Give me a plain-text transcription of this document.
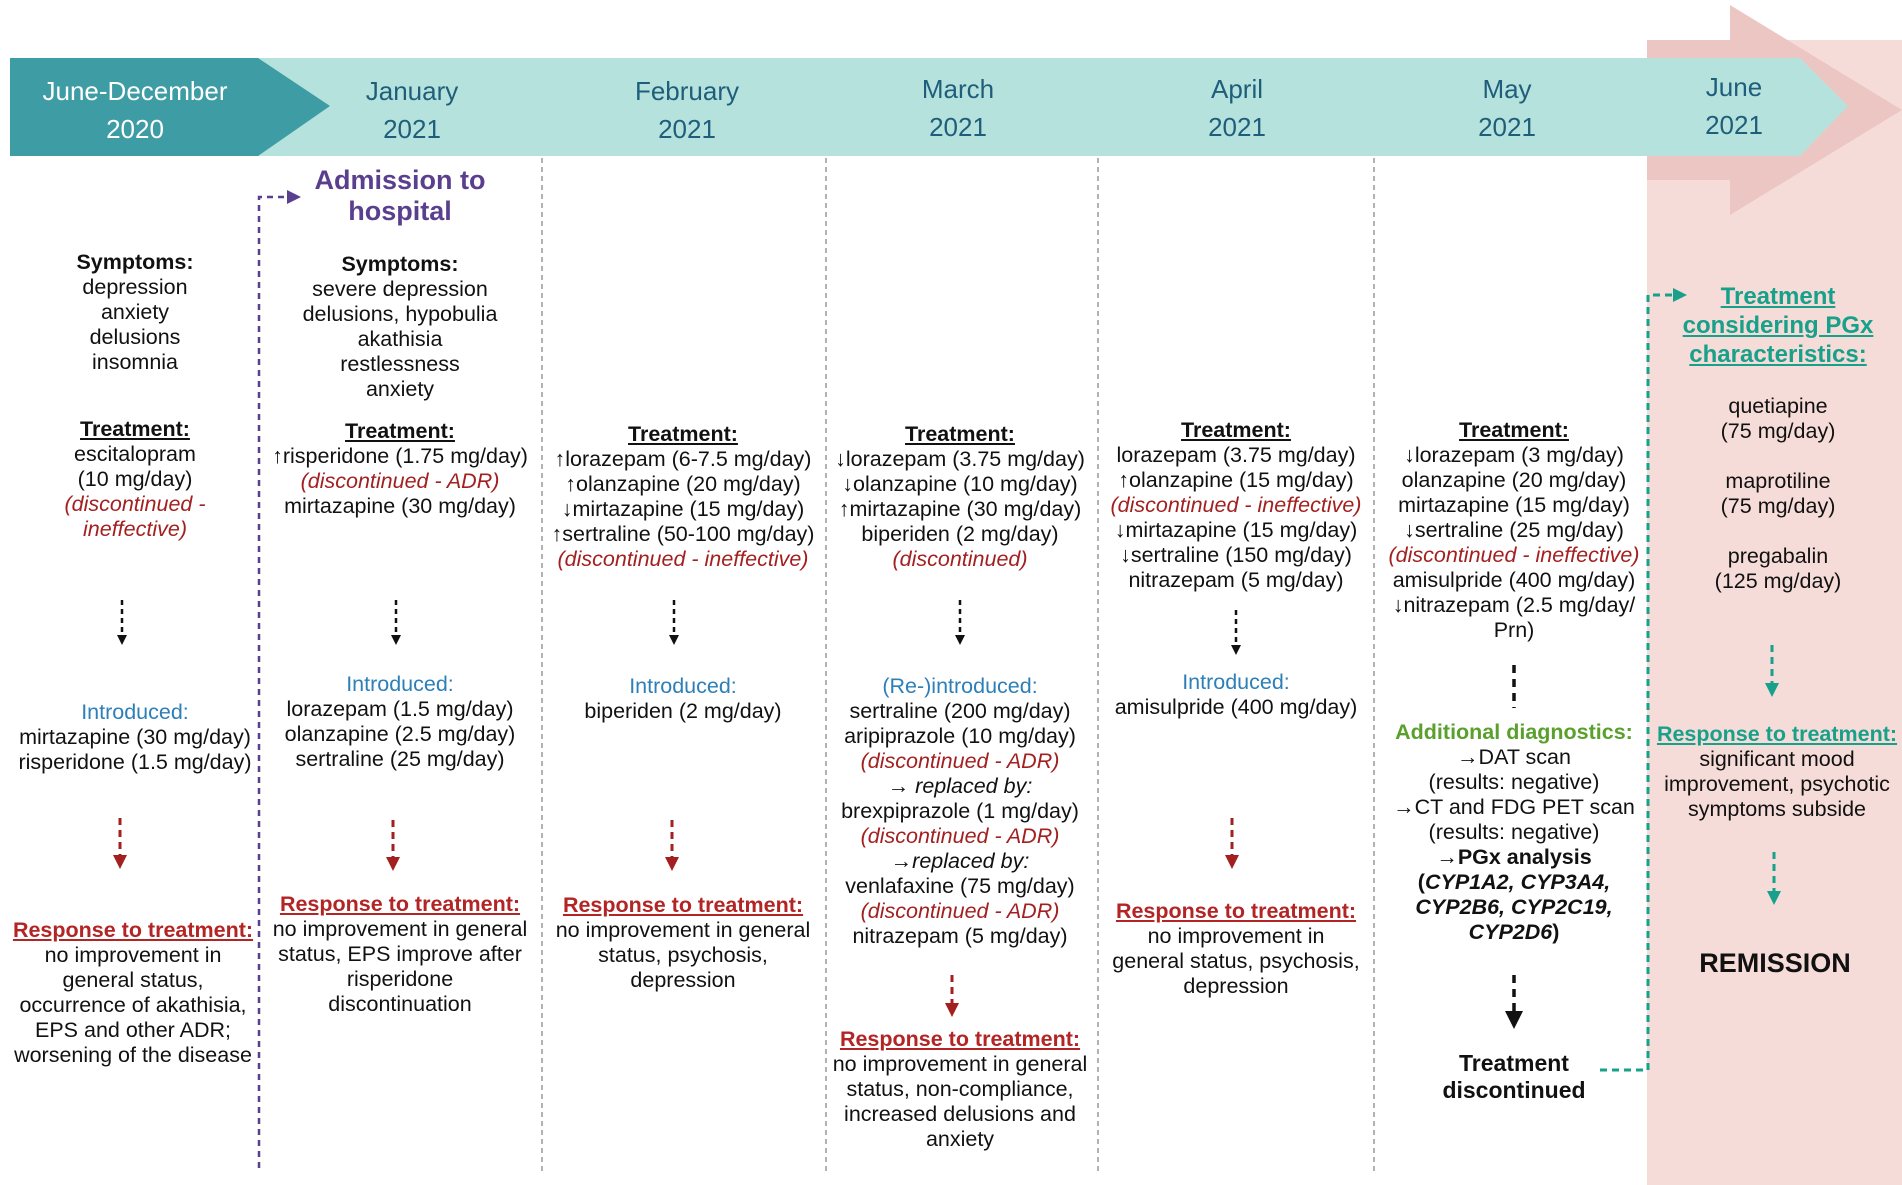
June-December
2020
January
2021
February
2021
March
2021
April
2021
May
2021
June
2021
Symptoms:
depression
anxiety
delusions
insomnia
Treatment:
escitalopram
(10 mg/day)
(discontinued -
ineffective)
Introduced:
mirtazapine (30 mg/day)
risperidone (1.5 mg/day)
Response to treatment:
no improvement in
general status,
occurrence of akathisia,
EPS and other ADR;
worsening of the disease
Admission to
hospital
Symptoms:
severe depression
delusions, hypobulia
akathisia
restlessness
anxiety
Treatment:
↑risperidone (1.75 mg/day)
(discontinued - ADR)
mirtazapine (30 mg/day)
Introduced:
lorazepam (1.5 mg/day)
olanzapine (2.5 mg/day)
sertraline (25 mg/day)
Response to treatment:
no improvement in general
status, EPS improve after
risperidone
discontinuation
Treatment:
↑lorazepam (6-7.5 mg/day)
↑olanzapine (20 mg/day)
↓mirtazapine (15 mg/day)
↑sertraline (50-100 mg/day)
(discontinued - ineffective)
Introduced:
biperiden (2 mg/day)
Response to treatment:
no improvement in general
status, psychosis,
depression
Treatment:
↓lorazepam (3.75 mg/day)
↓olanzapine (10 mg/day)
↑mirtazapine (30 mg/day)
biperiden (2 mg/day)
(discontinued)
(Re-)introduced:
sertraline (200 mg/day)
aripiprazole (10 mg/day)
(discontinued - ADR)
→ replaced by:
brexpiprazole (1 mg/day)
(discontinued - ADR)
→replaced by:
venlafaxine (75 mg/day)
(discontinued - ADR)
nitrazepam (5 mg/day)
Response to treatment:
no improvement in general
status, non-compliance,
increased delusions and
anxiety
Treatment:
lorazepam (3.75 mg/day)
↑olanzapine (15 mg/day)
(discontinued - ineffective)
↓mirtazapine (15 mg/day)
↓sertraline (150 mg/day)
nitrazepam (5 mg/day)
Introduced:
amisulpride (400 mg/day)
Response to treatment:
no improvement in
general status, psychosis,
depression
Treatment:
↓lorazepam (3 mg/day)
olanzapine (20 mg/day)
mirtazapine (15 mg/day)
↓sertraline (25 mg/day)
(discontinued - ineffective)
amisulpride (400 mg/day)
↓nitrazepam (2.5 mg/day/
Prn)
Additional diagnostics:
→DAT scan
(results: negative)
→CT and FDG PET scan
(results: negative)
→PGx analysis
(CYP1A2, CYP3A4,
CYP2B6, CYP2C19,
CYP2D6)
Treatment
discontinued
Treatment
considering PGx
characteristics:
quetiapine
(75 mg/day)
maprotiline
(75 mg/day)
pregabalin
(125 mg/day)
Response to treatment:
significant mood
improvement, psychotic
symptoms subside
REMISSION
